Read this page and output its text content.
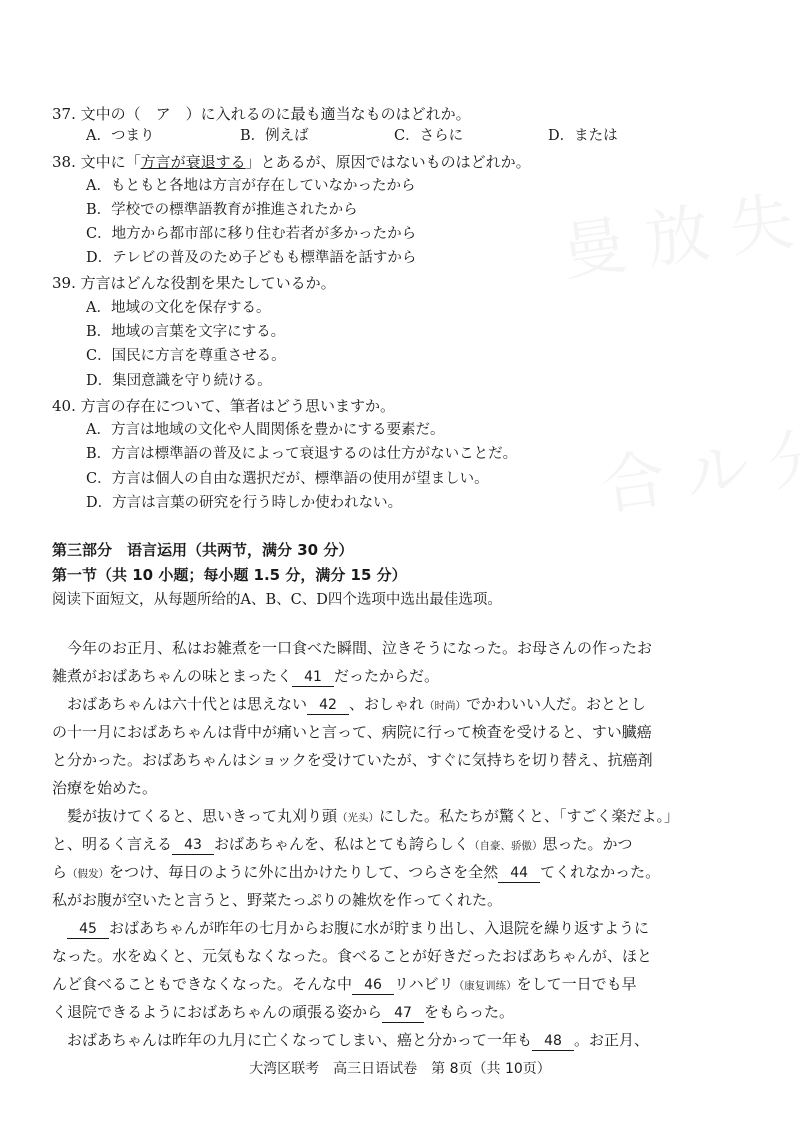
37. 文中の（　ア　）に入れるのに最も適当なものはどれか。
A．つまり	B．例えば	C．さらに	D．または
38. 文中に「方言が衰退する」とあるが、原因ではないものはどれか。
A．もともと各地は方言が存在していなかったから
B．学校での標準語教育が推進されたから
C．地方から都市部に移り住む若者が多かったから
D．テレビの普及のため子どもも標準語を話すから
39. 方言はどんな役割を果たしているか。
A．地域の文化を保存する。
B．地域の言葉を文字にする。
C．国民に方言を尊重させる。
D．集団意識を守り続ける。
40. 方言の存在について、筆者はどう思いますか。
A．方言は地域の文化や人間関係を豊かにする要素だ。
B．方言は標準語の普及によって衰退するのは仕方がないことだ。
C．方言は個人の自由な選択だが、標準語の使用が望ましい。
D．方言は言葉の研究を行う時しか使われない。
第三部分　语言运用（共两节，满分 30 分）
第一节（共 10 小题；每小题 1.5 分，满分 15 分）
阅读下面短文，从每题所给的A、B、C、D四个选项中选出最佳选项。
　今年のお正月、私はお雑煮を一口食べた瞬間、泣きそうになった。お母さんの作ったお
雑煮がおばあちゃんの味とまったく 41 だったからだ。
　おばあちゃんは六十代とは思えない 42 、おしゃれ（时尚）でかわいい人だ。おととし
の十一月におばあちゃんは背中が痛いと言って、病院に行って検査を受けると、すい臓癌
と分かった。おばあちゃんはショックを受けていたが、すぐに気持ちを切り替え、抗癌剤
治療を始めた。
　髪が抜けてくると、思いきって丸刈り頭（光头）にした。私たちが驚くと、「すごく楽だよ。」
と、明るく言える 43 おばあちゃんを、私はとても誇らしく（自豪、骄傲）思った。かつ
ら（假发）をつけ、毎日のように外に出かけたりして、つらさを全然 44 てくれなかった。
私がお腹が空いたと言うと、野菜たっぷりの雑炊を作ってくれた。
　45 おばあちゃんが昨年の七月からお腹に水が貯まり出し、入退院を繰り返すように
なった。水をぬくと、元気もなくなった。食べることが好きだったおばあちゃんが、ほと
んど食べることもできなくなった。そんな中 46 リハビリ（康复训练）をして一日でも早
く退院できるようにおばあちゃんの頑張る姿から 47 をもらった。
　おばあちゃんは昨年の九月に亡くなってしまい、癌と分かって一年も 48 。お正月、
大湾区联考　高三日语试卷　第 8页（共 10页）
